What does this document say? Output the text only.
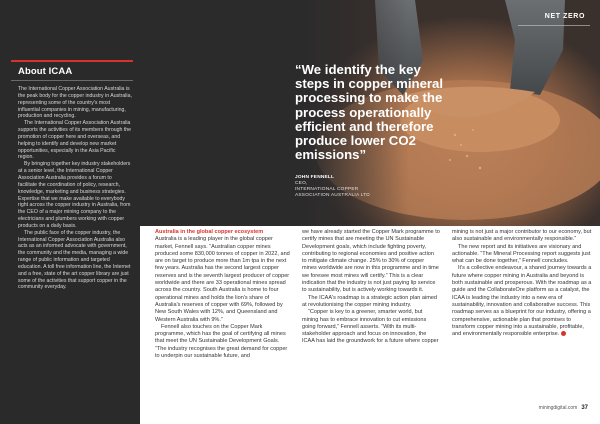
About ICAA

The International Copper Association Australia is the peak body for the copper industry in Australia, representing some of the country's most influential companies in mining, manufacturing, production and recycling.

The International Copper Association Australia supports the activities of its members through the promotion of copper here and overseas, and helping to identify and develop new market opportunities, especially in the Asia Pacific region.

By bringing together key industry stakeholders at a senior level, the International Copper Association Australia provides a forum to facilitate the coordination of policy, research, knowledge, marketing and business strategies. Expertise that we make available to everybody right across the copper industry in Australia, from the CEO of a major mining company to the electricians and plumbers working with copper products on a daily basis.

The public face of the copper industry, the International Copper Association Australia also acts as an informed advocate with government, the community and the media, managing a wide range of public information and targeted education. A toll free information line, the Internet and a free, state of the art copper library are just some of the activities that support copper in the community everyday.

NET ZERO
“We identify the key steps in copper mineral processing to make the process operationally efficient and therefore produce lower CO2 emissions”
JOHN FENNELL
CEO,
INTERNATIONAL COPPER
ASSOCIATION AUSTRALIA LTD

Australia in the global copper ecosystem

Australia is a leading player in the global copper market, Fennell says. “Australian copper mines produced some 830,000 tonnes of copper in 2022, and are on target to produce more than 1m tpa in the next few years. Australia has the second largest copper reserves and is the seventh largest producer of copper worldwide and there are 33 operational mines spread across the country. South Australia is home to four operational mines and holds the lion's share of Australia's reserves of copper with 69%, followed by New South Wales with 12%, and Queensland and Western Australia with 9%.”

Fennell also touches on the Copper Mark programme, which has the goal of certifying all mines that meet the UN Sustainable Development Goals. “The industry recognises the great demand for copper to underpin our sustainable future, and

we have already started the Copper Mark programme to certify mines that are meeting the UN Sustainable Development goals, which include fighting poverty, contributing to regional economies and positive action to mitigate climate change. 25% to 30% of copper mines worldwide are now in this programme and in time we foresee most mines will certify.” This is a clear indication that the industry is not just paying lip service to sustainability, but is actively working towards it.

The ICAA's roadmap is a strategic action plan aimed at revolutionising the copper mining industry.

“Copper is key to a greener, smarter world, but mining has to embrace innovation to cut emissions going forward,” Fennell asserts. “With its multi-stakeholder approach and focus on innovation, the ICAA has laid the groundwork for a future where copper

mining is not just a major contributor to our economy, but also sustainable and environmentally responsible.”

The new report and its initiatives are visionary and actionable. “The Mineral Processing report suggests just what can be done together,” Fennell concludes.

It's a collective endeavour, a shared journey towards a future where copper mining in Australia and beyond is both sustainable and prosperous. With the roadmap as a guide and the CollaborateOre platform as a catalyst, the ICAA is leading the industry into a new era of sustainability, innovation and collaborative success. This roadmap serves as a blueprint for our industry, offering a comprehensive, actionable plan that promises to transform copper mining into a sustainable, profitable, and environmentally responsible enterprise.

miningdigital.com 37
